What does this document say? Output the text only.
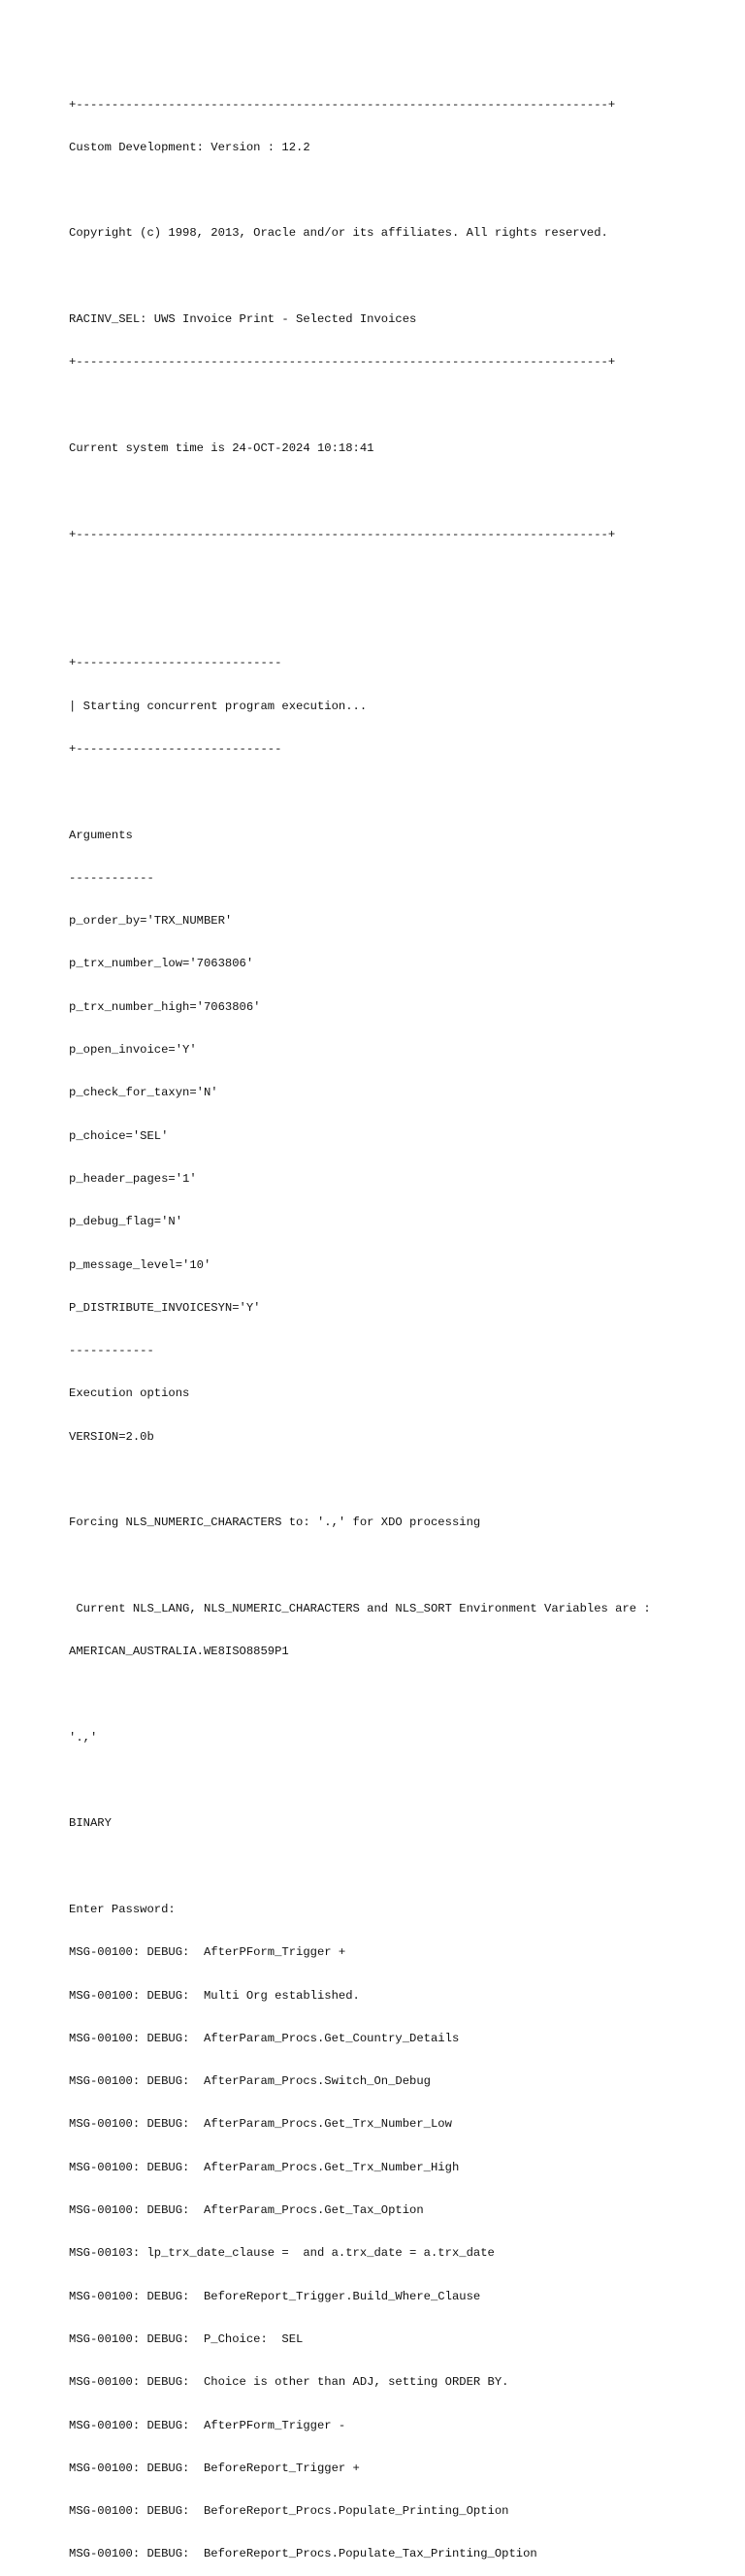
+---------------------------------------------------------------------------+

Custom Development: Version : 12.2

Copyright (c) 1998, 2013, Oracle and/or its affiliates. All rights reserved.

RACINV_SEL: UWS Invoice Print - Selected Invoices

+---------------------------------------------------------------------------+

Current system time is 24-OCT-2024 10:18:41

+---------------------------------------------------------------------------+

+-----------------------------

| Starting concurrent program execution...

+-----------------------------

Arguments

------------

p_order_by='TRX_NUMBER'

p_trx_number_low='7063806'

p_trx_number_high='7063806'

p_open_invoice='Y'

p_check_for_taxyn='N'

p_choice='SEL'

p_header_pages='1'

p_debug_flag='N'

p_message_level='10'

P_DISTRIBUTE_INVOICESYN='Y'

------------

Execution options

VERSION=2.0b

Forcing NLS_NUMERIC_CHARACTERS to: '.,' for XDO processing

Current NLS_LANG, NLS_NUMERIC_CHARACTERS and NLS_SORT Environment Variables are :

AMERICAN_AUSTRALIA.WE8ISO8859P1

'.,'

BINARY

Enter Password:

MSG-00100: DEBUG:  AfterPForm_Trigger +

MSG-00100: DEBUG:  Multi Org established.

MSG-00100: DEBUG:  AfterParam_Procs.Get_Country_Details

MSG-00100: DEBUG:  AfterParam_Procs.Switch_On_Debug

MSG-00100: DEBUG:  AfterParam_Procs.Get_Trx_Number_Low

MSG-00100: DEBUG:  AfterParam_Procs.Get_Trx_Number_High

MSG-00100: DEBUG:  AfterParam_Procs.Get_Tax_Option

MSG-00103: lp_trx_date_clause =  and a.trx_date = a.trx_date

MSG-00100: DEBUG:  BeforeReport_Trigger.Build_Where_Clause

MSG-00100: DEBUG:  P_Choice:  SEL

MSG-00100: DEBUG:  Choice is other than ADJ, setting ORDER BY.

MSG-00100: DEBUG:  AfterPForm_Trigger -

MSG-00100: DEBUG:  BeforeReport_Trigger +

MSG-00100: DEBUG:  BeforeReport_Procs.Populate_Printing_Option

MSG-00100: DEBUG:  BeforeReport_Procs.Populate_Tax_Printing_Option
